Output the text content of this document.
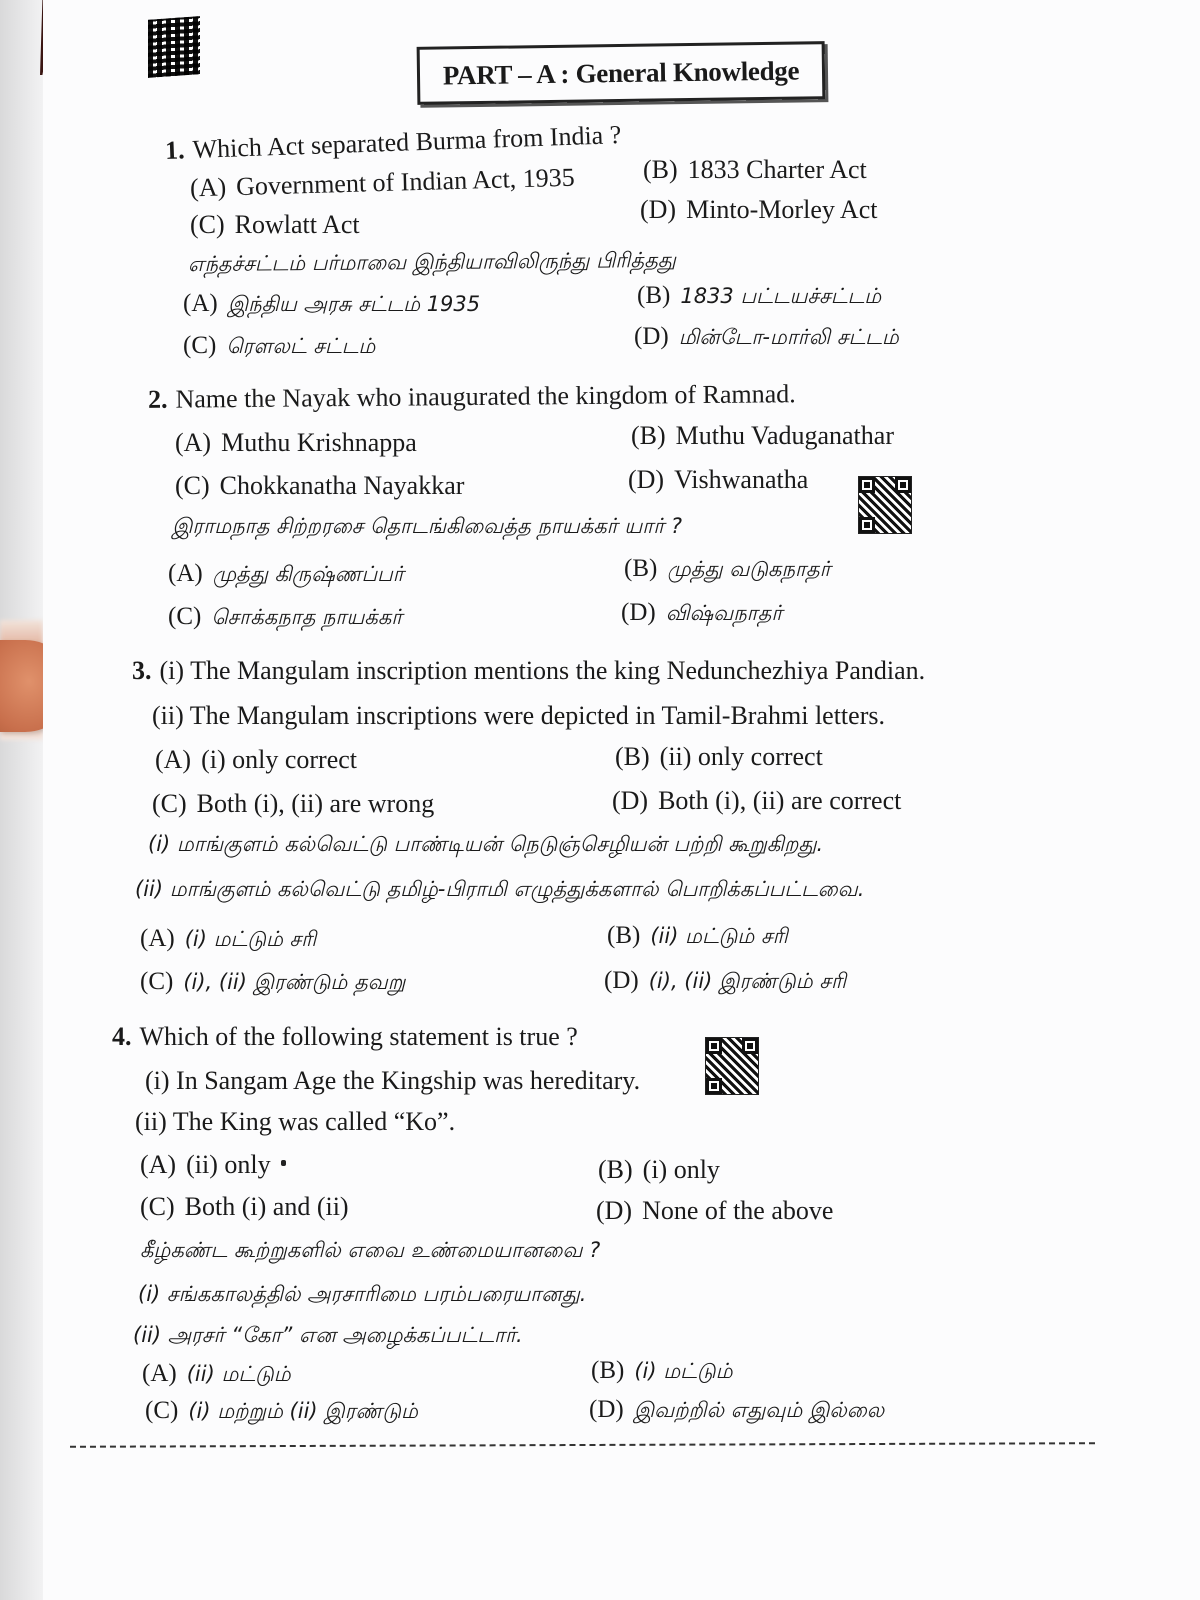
PART – A : General Knowledge
1. Which Act separated Burma from India ?
(A) Government of Indian Act, 1935	(B) 1833 Charter Act
(C) Rowlatt Act
(D) Minto-Morley Act
எந்தச்சட்டம் பர்மாவை இந்தியாவிலிருந்து பிரித்தது
(A) இந்திய அரசு சட்டம் 1935	(B) 1833 பட்டயச்சட்டம்
(C) ரௌலட் சட்டம்	(D) மின்டோ-மார்லி சட்டம்
2. Name the Nayak who inaugurated the kingdom of Ramnad.
(A) Muthu Krishnappa	(B) Muthu Vaduganathar
(C) Chokkanatha Nayakkar	(D) Vishwanatha
இராமநாத சிற்றரசை தொடங்கிவைத்த நாயக்கர் யார் ?
(A) முத்து கிருஷ்ணப்பர்	(B) முத்து வடுகநாதர்
(C) சொக்கநாத நாயக்கர்	(D) விஷ்வநாதர்
3. (i) The Mangulam inscription mentions the king Nedunchezhiya Pandian.
(ii) The Mangulam inscriptions were depicted in Tamil-Brahmi letters.
(A) (i) only correct	(B) (ii) only correct
(C) Both (i), (ii) are wrong	(D) Both (i), (ii) are correct
(i) மாங்குளம் கல்வெட்டு பாண்டியன் நெடுஞ்செழியன் பற்றி கூறுகிறது.
(ii) மாங்குளம் கல்வெட்டு தமிழ்-பிராமி எழுத்துக்களால் பொறிக்கப்பட்டவை.
(A) (i) மட்டும் சரி	(B) (ii) மட்டும் சரி
(C) (i), (ii) இரண்டும் தவறு	(D) (i), (ii) இரண்டும் சரி
4. Which of the following statement is true ?
(i) In Sangam Age the Kingship was hereditary.
(ii) The King was called “Ko”.
(A) (ii) only	(B) (i) only
(C) Both (i) and (ii)	(D) None of the above
கீழ்கண்ட கூற்றுகளில் எவை உண்மையானவை ?
(i) சங்ககாலத்தில் அரசாரிமை பரம்பரையானது.
(ii) அரசர் “கோ” என அழைக்கப்பட்டார்.
(A) (ii) மட்டும்	(B) (i) மட்டும்
(C) (i) மற்றும் (ii) இரண்டும்	(D) இவற்றில் எதுவும் இல்லை
